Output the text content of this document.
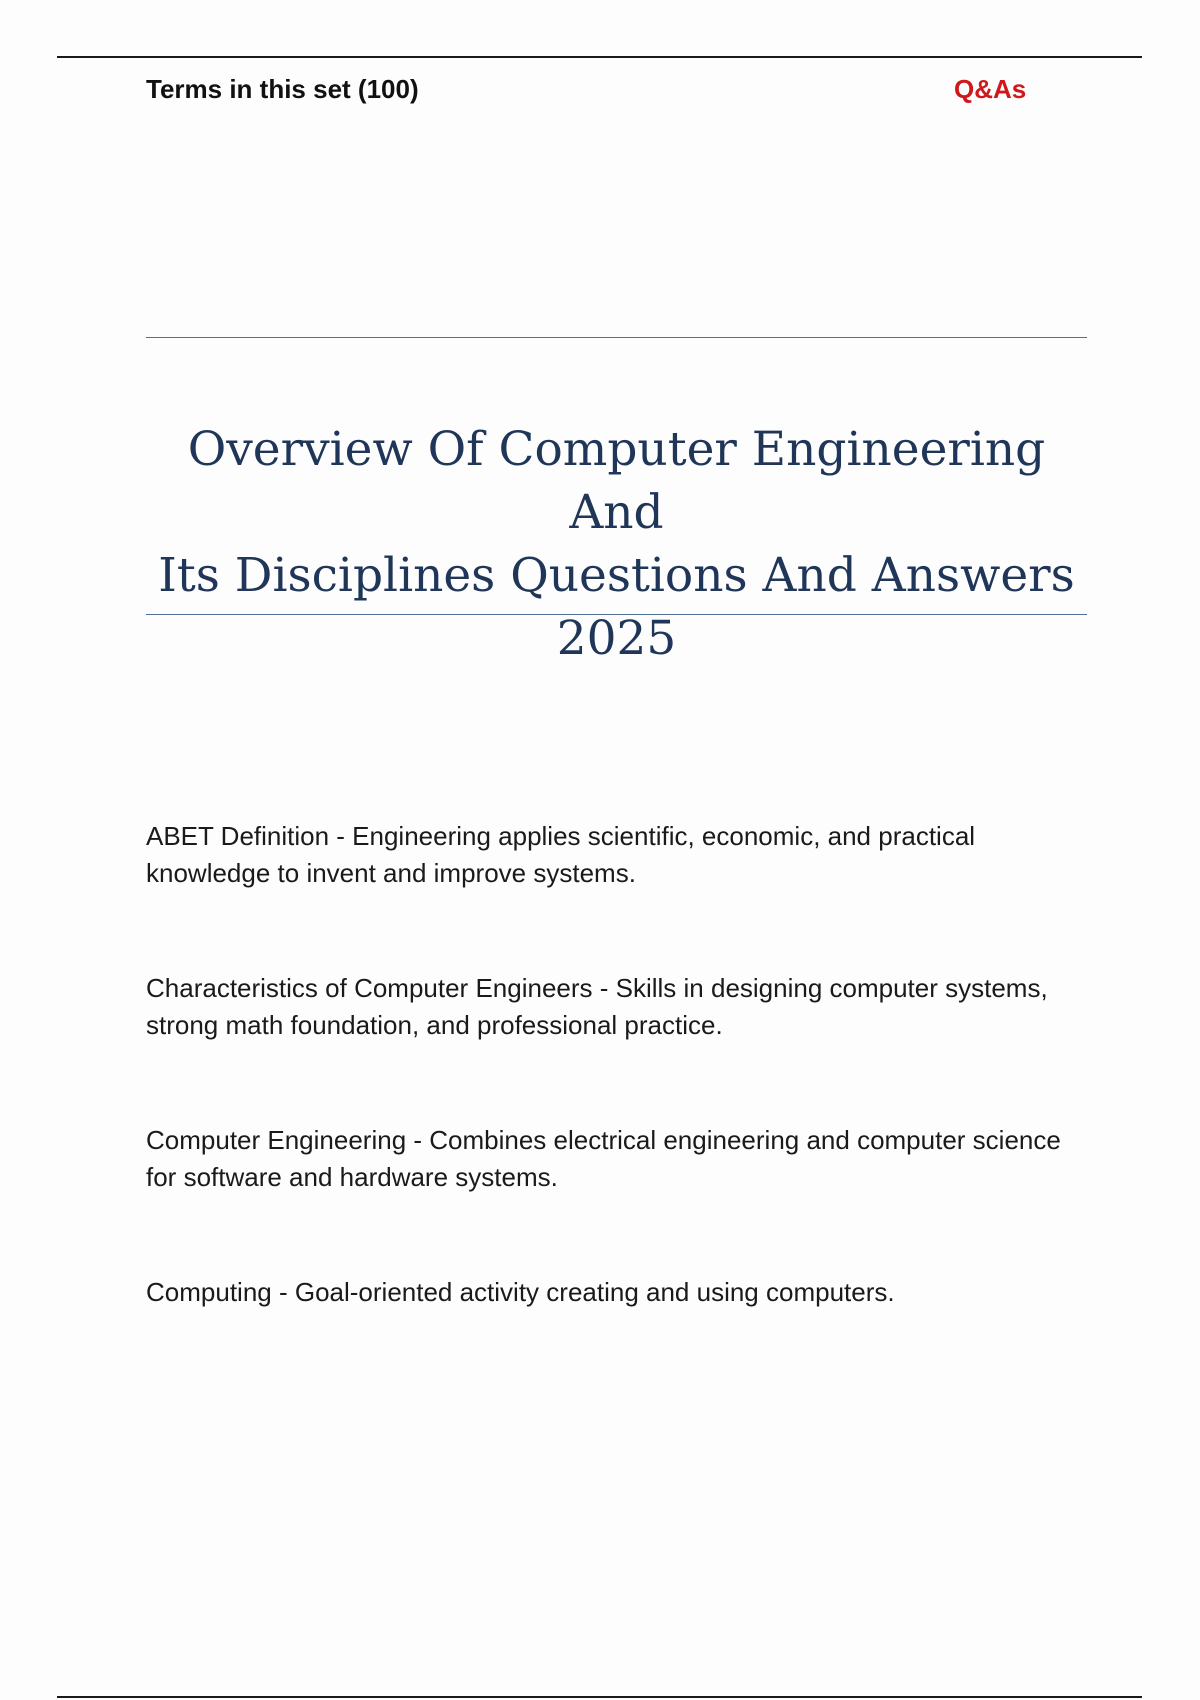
Terms in this set (100)	Q&As
Overview Of Computer Engineering And
Its Disciplines Questions And Answers
2025
ABET Definition - Engineering applies scientific, economic, and practical knowledge to invent and improve systems.
Characteristics of Computer Engineers - Skills in designing computer systems, strong math foundation, and professional practice.
Computer Engineering - Combines electrical engineering and computer science for software and hardware systems.
Computing - Goal-oriented activity creating and using computers.
